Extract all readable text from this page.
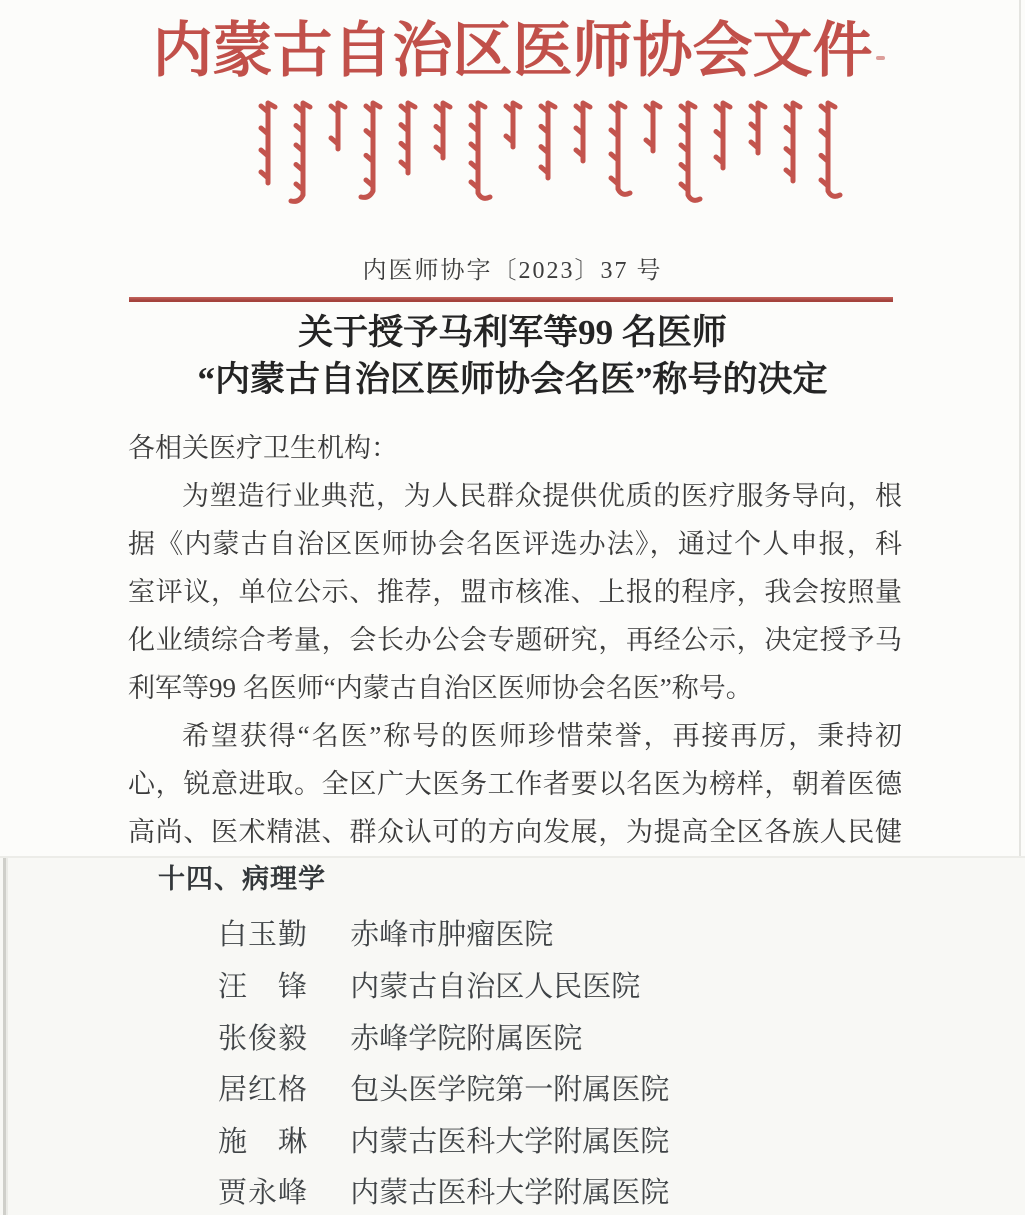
内蒙古自治区医师协会文件
内医师协字〔2023〕37 号
关于授予马利军等99 名医师
“内蒙古自治区医师协会名医”称号的决定
各相关医疗卫生机构：
为塑造行业典范，为人民群众提供优质的医疗服务导向，根
据《内蒙古自治区医师协会名医评选办法》，通过个人申报，科
室评议，单位公示、推荐，盟市核准、上报的程序，我会按照量
化业绩综合考量，会长办公会专题研究，再经公示，决定授予马
利军等99 名医师“内蒙古自治区医师协会名医”称号。
希望获得“名医”称号的医师珍惜荣誉，再接再厉，秉持初
心，锐意进取。全区广大医务工作者要以名医为榜样，朝着医德
高尚、医术精湛、群众认可的方向发展，为提高全区各族人民健
十四、病理学
白玉勤 赤峰市肿瘤医院
汪　锋 内蒙古自治区人民医院
张俊毅 赤峰学院附属医院
居红格 包头医学院第一附属医院
施　琳 内蒙古医科大学附属医院
贾永峰 内蒙古医科大学附属医院
